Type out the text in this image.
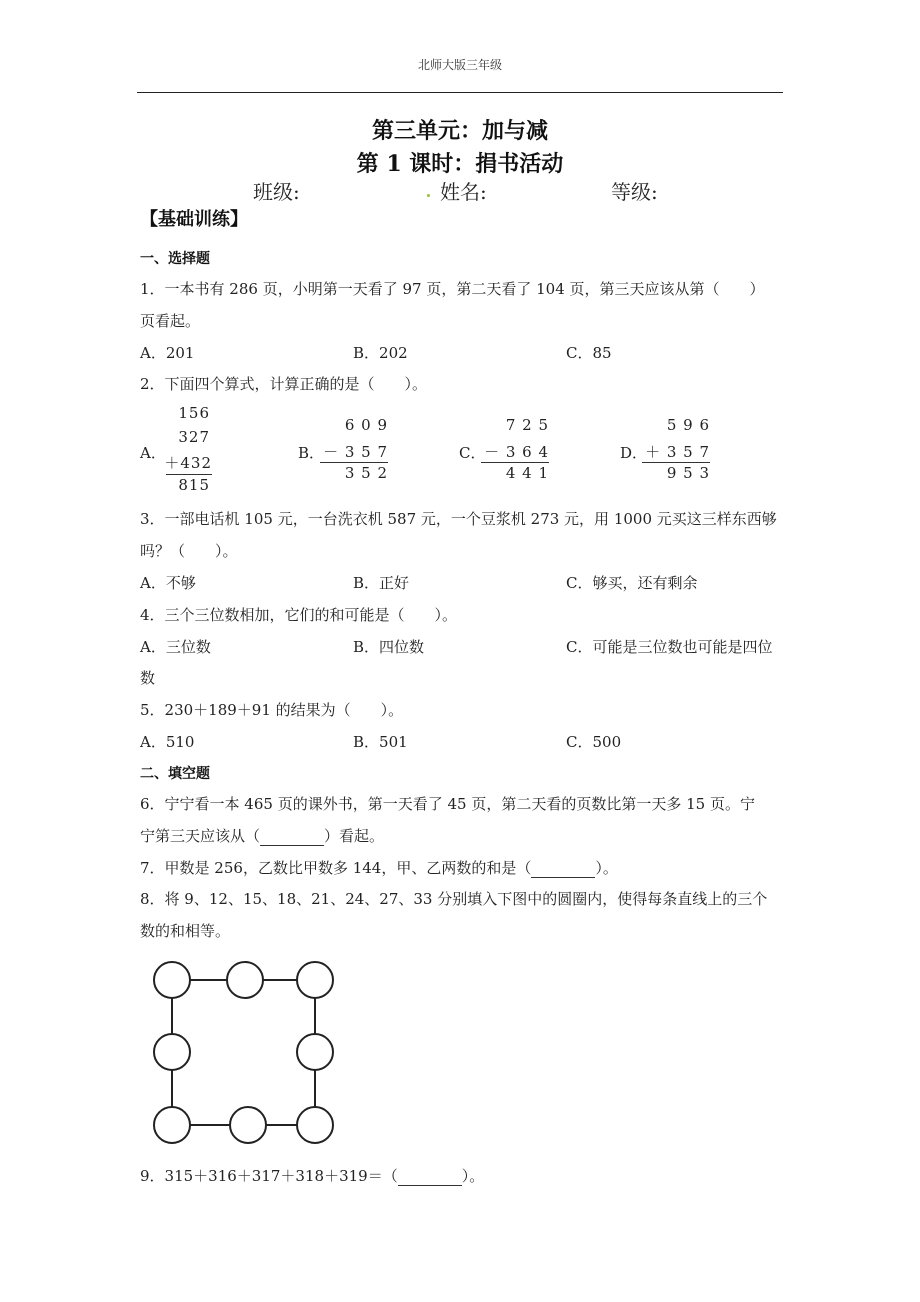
北师大版三年级
第三单元：加与减
第 1 课时：捐书活动
班级:	姓名:	等级:
【基础训练】
一、选择题
1．一本书有 286 页，小明第一天看了 97 页，第二天看了 104 页，第三天应该从第（　　）
页看起。
A．201	B．202	C．85
2．下面四个算式，计算正确的是（　　）。
A．
156
327
＋432
815
B．
6 0 9
－ 3 5 7
3 5 2
C．
7 2 5
－ 3 6 4
4 4 1
D．
5 9 6
＋ 3 5 7
9 5 3
3．一部电话机 105 元，一台洗衣机 587 元，一个豆浆机 273 元，用 1000 元买这三样东西够
吗？（　　）。
A．不够	B．正好	C．够买，还有剩余
4．三个三位数相加，它们的和可能是（　　）。
A．三位数	B．四位数	C．可能是三位数也可能是四位
数
5．230＋189＋91 的结果为（　　）。
A．510	B．501	C．500
二、填空题
6．宁宁看一本 465 页的课外书，第一天看了 45 页，第二天看的页数比第一天多 15 页。宁
宁第三天应该从（	）看起。
7．甲数是 256，乙数比甲数多 144，甲、乙两数的和是（	）。
8．将 9、12、15、18、21、24、27、33 分别填入下图中的圆圈内，使得每条直线上的三个
数的和相等。
9．315＋316＋317＋318＋319＝（	）。
